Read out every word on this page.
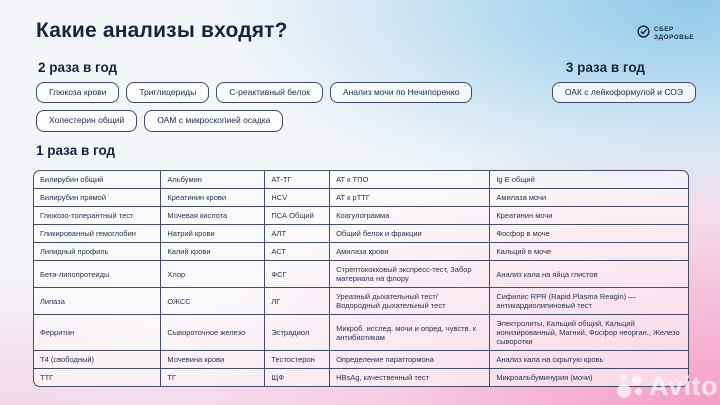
Какие анализы входят?	СБЕР
ЗДОРОВЬЕ
2 раза в год
Глюкоза крови	Триглицериды	С-реактивный белок	Анализ мочи по Нечипоренко
Холестерин общий	ОАМ с микроскопией осадка
3 раза в год
ОАК с лейкоформулой и СОЭ
1 раза в год
Билирубин общий	Альбумин	АТ-ТГ	АТ к ТПО	Ig E общий
Билирубин прямой	Креатинин крови	HCV	АТ к рТТГ	Амилаза мочи
Глюкозо-толерантный тест	Мочевая кислота	ПСА Общий	Коагулограмма	Креатинин мочи
Гликированный гемоглобин	Натрий крови	АЛТ	Общий белок и фракции	Фосфор в моче
Липидный профиль	Калий крови	АСТ	Амилаза крови	Кальций в моче
Бета-липопротеиды	Хлор	ФСГ	Стрептококковый экспресс-тест, Забор материала на флору	Анализ кала на яйца глистов
Липаза	ОЖСС	ЛГ	Уреазный дыхательный тест/ Водородный дыхательный тест	Сифилис RPR (Rapid Plasma Reagin) — антикардиолипиновый тест
Ферритин	Сывороточное железо	Эстрадиол	Микроб. исслед. мочи и опред. чувств. к антибиотикам	Электролиты, Кальций общий, Кальций ионизированный, Магний, Фосфор неорган., Железо сыворотки
Т4 (свободный)	Мочевина крови	Тестостерон	Определение паратгормона	Анализ кала на скрытую кровь
ТТГ	ТГ	ЩФ	HBsAg, качественный тест	Микроальбуминурия (мочи) Avito
